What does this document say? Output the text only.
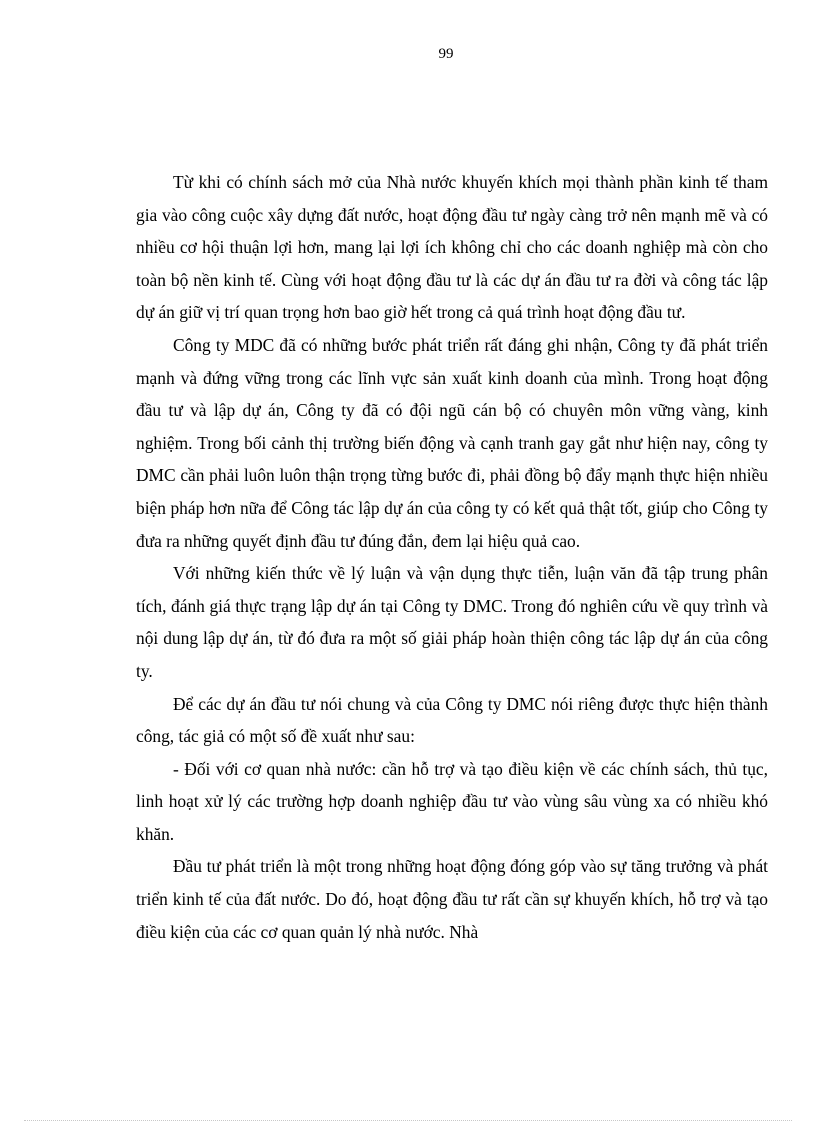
99

Từ khi có chính sách mở của Nhà nước khuyến khích mọi thành phần kinh tế tham gia vào công cuộc xây dựng đất nước, hoạt động đầu tư ngày càng trở nên mạnh mẽ và có nhiều cơ hội thuận lợi hơn, mang lại lợi ích không chỉ cho các doanh nghiệp mà còn cho toàn bộ nền kinh tế. Cùng với hoạt động đầu tư là các dự án đầu tư ra đời và công tác lập dự án giữ vị trí quan trọng hơn bao giờ hết trong cả quá trình hoạt động đầu tư.

Công ty MDC đã có những bước phát triển rất đáng ghi nhận, Công ty đã phát triển mạnh và đứng vững trong các lĩnh vực sản xuất kinh doanh của mình. Trong hoạt động đầu tư và lập dự án, Công ty đã có đội ngũ cán bộ có chuyên môn vững vàng, kinh nghiệm. Trong bối cảnh thị trường biến động và cạnh tranh gay gắt như hiện nay, công ty DMC cần phải luôn luôn thận trọng từng bước đi, phải đồng bộ đẩy mạnh thực hiện nhiều biện pháp hơn nữa để Công tác lập dự án của công ty có kết quả thật tốt, giúp cho Công ty đưa ra những quyết định đầu tư đúng đắn, đem lại hiệu quả cao.

Với những kiến thức về lý luận và vận dụng thực tiễn, luận văn đã tập trung phân tích, đánh giá thực trạng lập dự án tại Công ty DMC. Trong đó nghiên cứu về quy trình và nội dung lập dự án, từ đó đưa ra một số giải pháp hoàn thiện công tác lập dự án của công ty.

Để các dự án đầu tư nói chung và của Công ty DMC nói riêng được thực hiện thành công, tác giả có một số đề xuất như sau:

- Đối với cơ quan nhà nước: cần hỗ trợ và tạo điều kiện về các chính sách, thủ tục, linh hoạt xử lý các trường hợp doanh nghiệp đầu tư vào vùng sâu vùng xa có nhiều khó khăn.

Đầu tư phát triển là một trong những hoạt động đóng góp vào sự tăng trưởng và phát triển kinh tế của đất nước. Do đó, hoạt động đầu tư rất cần sự khuyến khích, hỗ trợ và tạo điều kiện của các cơ quan quản lý nhà nước. Nhà
